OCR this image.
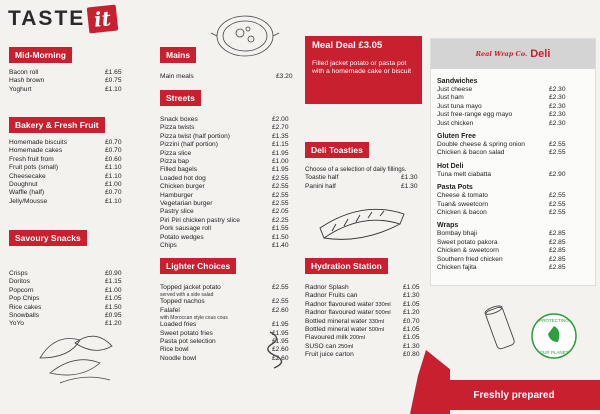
TASTE it
Mid-Morning
Bacon roll	£1.65
Hash brown	£0.75
Yoghurt	£1.10
Bakery & Fresh Fruit
Homemade biscuits	£0.70
Homemade cakes	£0.70
Fresh fruit from	£0.60
Fruit pots (small)	£1.10
Cheesecake	£1.10
Doughnut	£1.00
Waffle (half)	£0.70
Jelly/Mousse	£1.10
Savoury Snacks
Crisps	£0.90
Doritos	£1.15
Popcorn	£1.00
Pop Chips	£1.05
Rice cakes	£1.50
Snowballs	£0.95
YoYo	£1.20
Mains
Main meals	£3.20
Streets
Snack boxes	£2.00
Pizza twists	£2.70
Pizza twist (half portion)	£1.35
Pizzini (half portion)	£1.15
Pizza slice	£1.95
Pizza bap	£1.00
Filled bagels	£1.95
Loaded hot dog	£2.55
Chicken burger	£2.55
Hamburger	£2.55
Vegetarian burger	£2.55
Pastry slice	£2.05
Piri Piri chicken pastry slice	£2.25
Pork sausage roll	£1.55
Potato wedges	£1.50
Chips	£1.40
Lighter Choices
Topped jacket potato	£2.55
served with a side salad
Topped nachos	£2.55
Falafel	£2.60
with Moroccan style cous cous
Loaded fries	£1.95
Sweet potato fries	£1.95
Pasta pot selection	£1.95
Rice bowl	£2.60
Noodle bowl	£2.60
Meal Deal £3.05
Filled jacket potato or pasta pot with a homemade cake or biscuit
Deli Toasties
Choose of a selection of daily fillings.
Toastie half	£1.30
Panini half	£1.30
Hydration Station
Radnor Splash	£1.05
Radnor Fruits can	£1.30
Radnor flavoured water 330ml	£1.05
Radnor flavoured water 500ml	£1.20
Bottled mineral water 330ml	£0.70
Bottled mineral water 500ml	£1.05
Flavoured milk 200ml	£1.05
SUSO can 250ml	£1.30
Fruit juice carton	£0.80
Real Wrap Co. Deli
Sandwiches
Just cheese	£2.30
Just ham	£2.30
Just tuna mayo	£2.30
Just free-range egg mayo	£2.30
Just chicken	£2.30
Gluten Free
Double cheese & spring onion	£2.55
Chicken & bacon salad	£2.55
Hot Deli
Tuna melt ciabatta	£2.90
Pasta Pots
Cheese & tomato	£2.55
Tuan& sweetcorn	£2.55
Chicken & bacon	£2.55
Wraps
Bombay bhaji	£2.85
Sweet potato pakora	£2.85
Chicken & sweetcorn	£2.85
Southern fried chicken	£2.85
Chicken fajita	£2.85
PROTECTING
OUR PLANET
Freshly prepared
